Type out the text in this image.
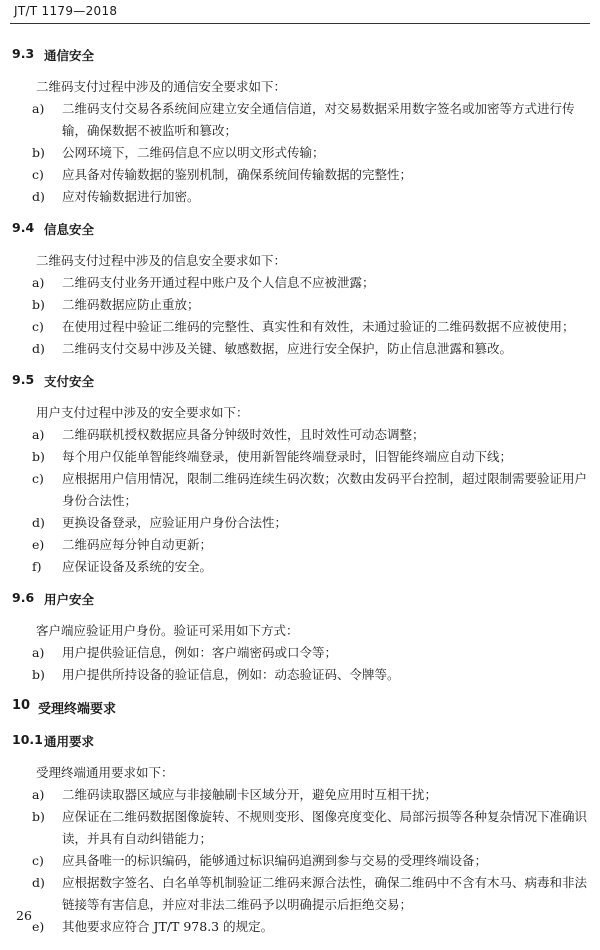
JT/T 1179—2018
9.3 通信安全
二维码支付过程中涉及的通信安全要求如下：
a) 二维码支付交易各系统间应建立安全通信信道，对交易数据采用数字签名或加密等方式进行传输，确保数据不被监听和篡改；
b) 公网环境下，二维码信息不应以明文形式传输；
c) 应具备对传输数据的鉴别机制，确保系统间传输数据的完整性；
d) 应对传输数据进行加密。
9.4 信息安全
二维码支付过程中涉及的信息安全要求如下：
a) 二维码支付业务开通过程中账户及个人信息不应被泄露；
b) 二维码数据应防止重放；
c) 在使用过程中验证二维码的完整性、真实性和有效性，未通过验证的二维码数据不应被使用；
d) 二维码支付交易中涉及关键、敏感数据，应进行安全保护，防止信息泄露和篡改。
9.5 支付安全
用户支付过程中涉及的安全要求如下：
a) 二维码联机授权数据应具备分钟级时效性，且时效性可动态调整；
b) 每个用户仅能单智能终端登录，使用新智能终端登录时，旧智能终端应自动下线；
c) 应根据用户信用情况，限制二维码连续生码次数；次数由发码平台控制，超过限制需要验证用户身份合法性；
d) 更换设备登录，应验证用户身份合法性；
e) 二维码应每分钟自动更新；
f) 应保证设备及系统的安全。
9.6 用户安全
客户端应验证用户身份。验证可采用如下方式：
a) 用户提供验证信息，例如：客户端密码或口令等；
b) 用户提供所持设备的验证信息，例如：动态验证码、令牌等。
10 受理终端要求
10.1 通用要求
受理终端通用要求如下：
a) 二维码读取器区域应与非接触刷卡区域分开，避免应用时互相干扰；
b) 应保证在二维码数据图像旋转、不规则变形、图像亮度变化、局部污损等各种复杂情况下准确识读，并具有自动纠错能力；
c) 应具备唯一的标识编码，能够通过标识编码追溯到参与交易的受理终端设备；
d) 应根据数字签名、白名单等机制验证二维码来源合法性，确保二维码中不含有木马、病毒和非法链接等有害信息，并应对非法二维码予以明确提示后拒绝交易；
e) 其他要求应符合 JT/T 978.3 的规定。
26
